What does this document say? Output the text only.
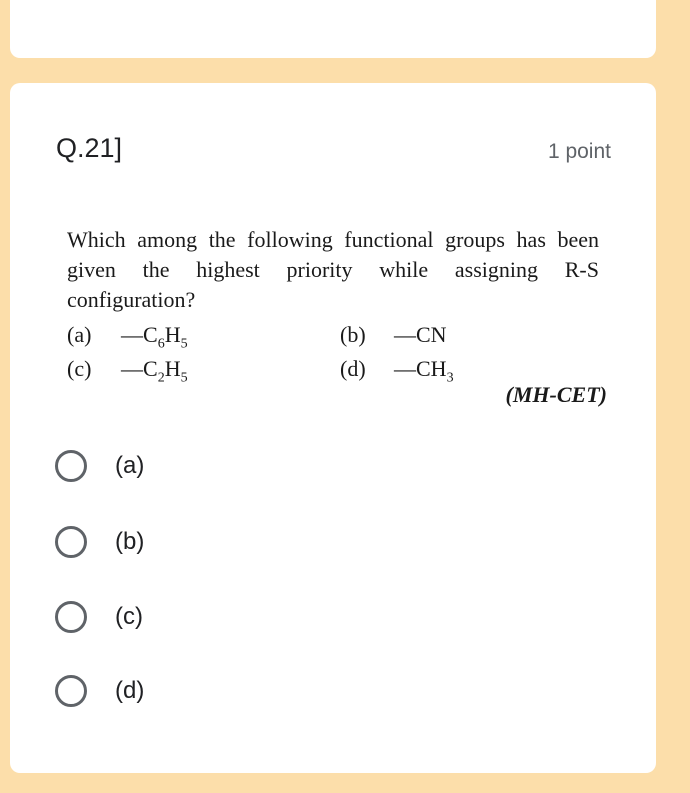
Q.21]	1 point

Which among the following functional groups has been given the highest priority while assigning R-S configuration?

(a) $—C_6H_5$	(b) —CN
(c) $—C_2H_5$	(d) $—CH_3$
(MH-CET)
(a)
(b)
(c)
(d)
